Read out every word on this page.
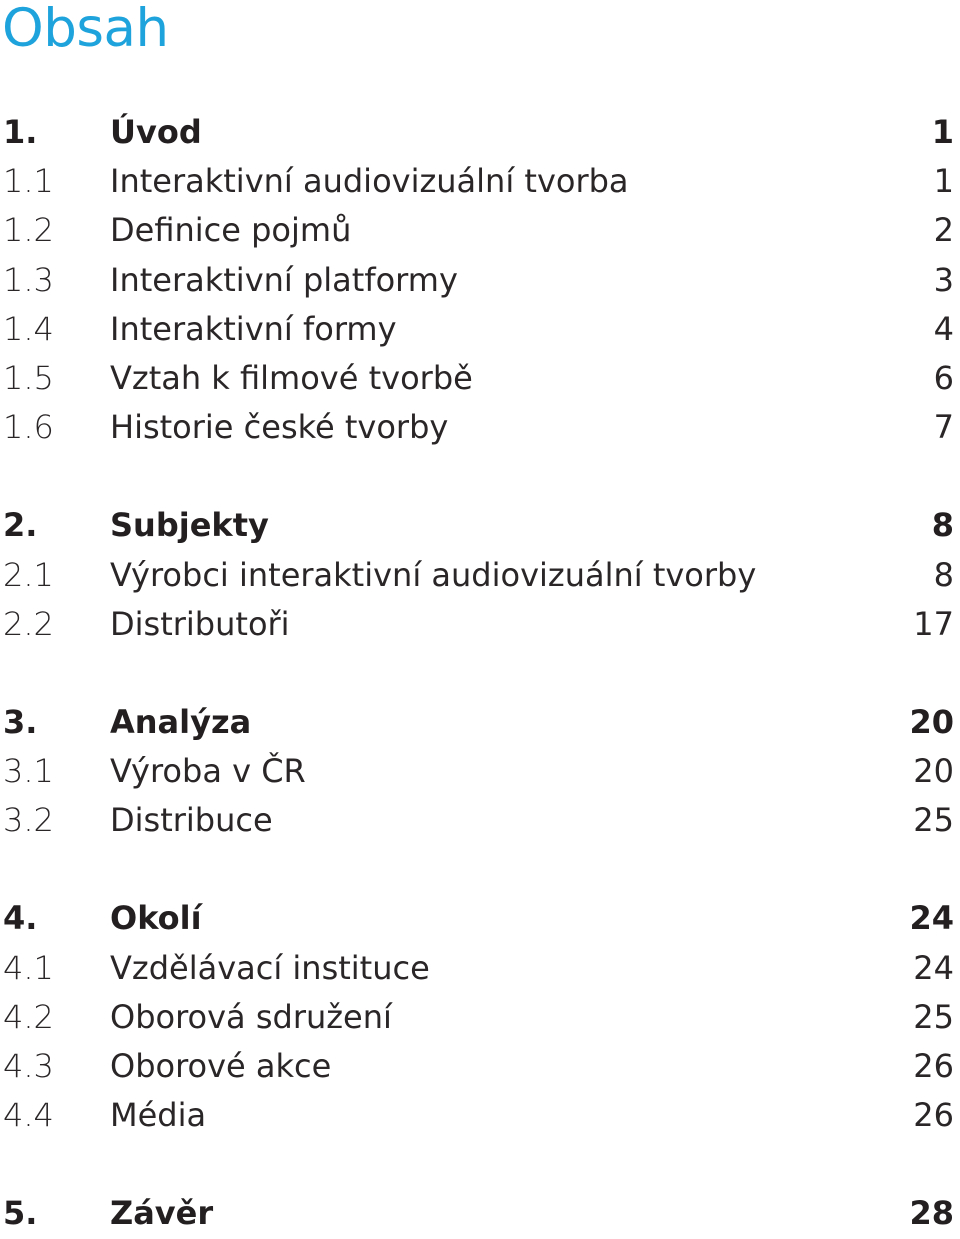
Obsah
1. Úvod	1
1.1 Interaktivní audiovizuální tvorba	1
1.2 Definice pojmů	2
1.3 Interaktivní platformy	3
1.4 Interaktivní formy	4
1.5 Vztah k filmové tvorbě	6
1.6 Historie české tvorby	7
2. Subjekty	8
2.1 Výrobci interaktivní audiovizuální tvorby	8
2.2 Distributoři	17
3. Analýza	20
3.1 Výroba v ČR	20
3.2 Distribuce	25
4. Okolí	24
4.1 Vzdělávací instituce	24
4.2 Oborová sdružení	25
4.3 Oborové akce	26
4.4 Média	26
5. Závěr	28
